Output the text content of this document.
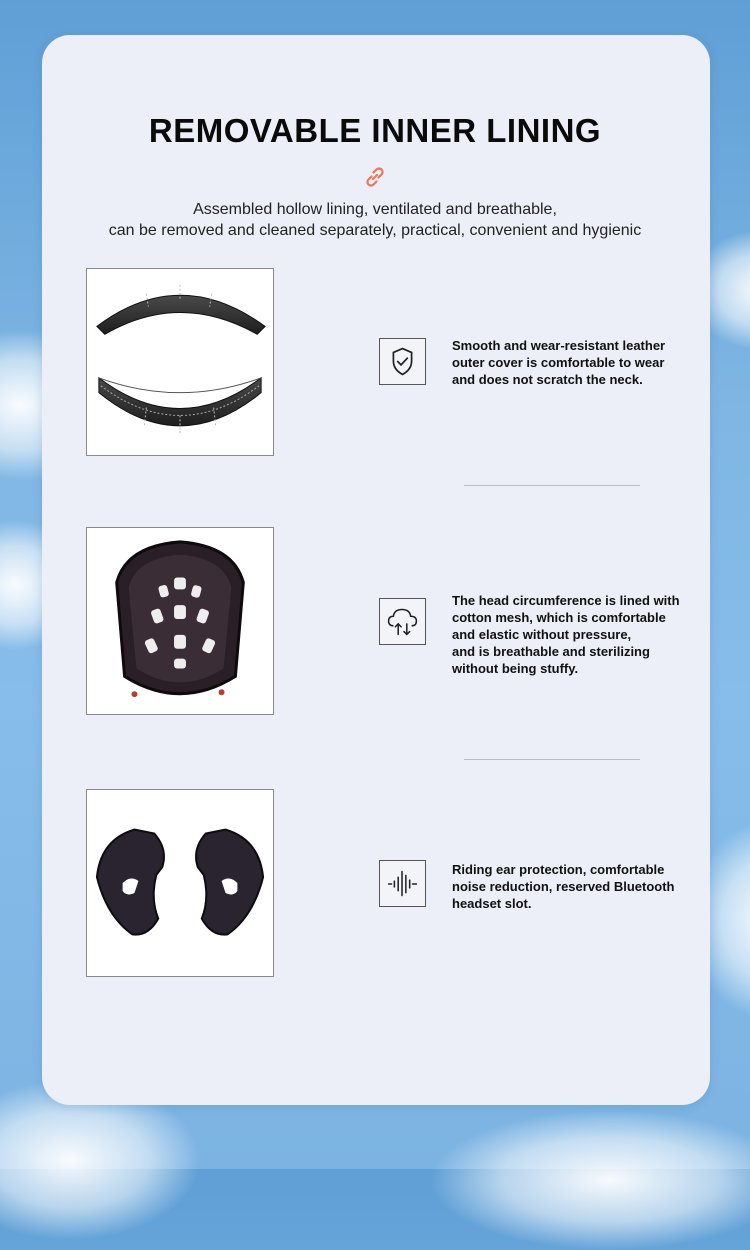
REMOVABLE INNER LINING
Assembled hollow lining, ventilated and breathable,
can be removed and cleaned separately, practical, convenient and hygienic
Smooth and wear-resistant leather
outer cover is comfortable to wear
and does not scratch the neck.
The head circumference is lined with
cotton mesh, which is comfortable
and elastic without pressure,
and is breathable and sterilizing
without being stuffy.
Riding ear protection, comfortable
noise reduction, reserved Bluetooth
headset slot.
